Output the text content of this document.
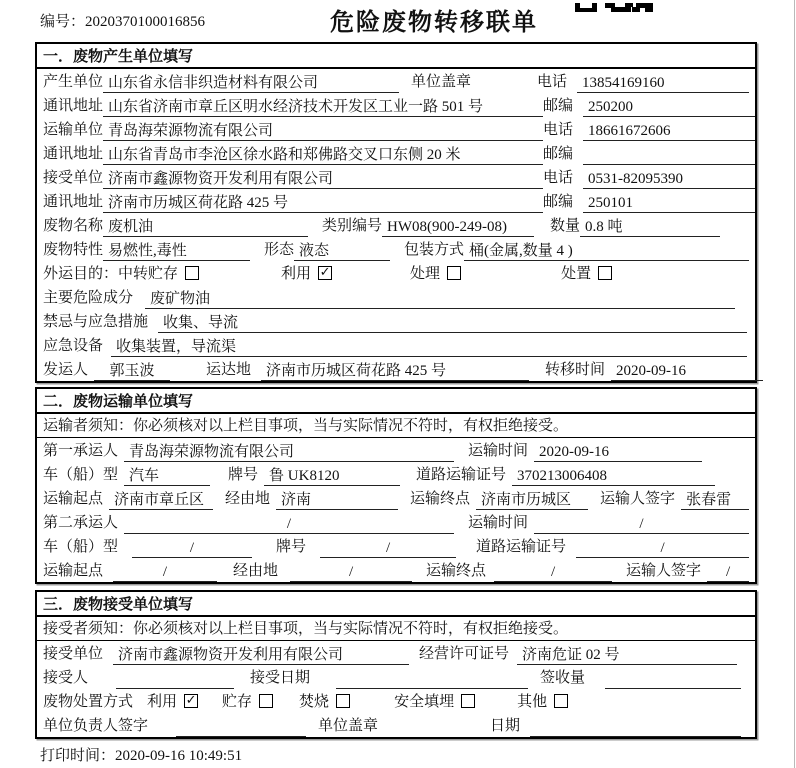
编号：2020370100016856	危险废物转移联单
一．废物产生单位填写
产生单位 山东省永信非织造材料有限公司	单位盖章	电话 13854169160
通讯地址 山东省济南市章丘区明水经济技术开发区工业一路 501 号	邮编 250200
运输单位 青岛海荣源物流有限公司	电话 18661672606
通讯地址 山东省青岛市李沧区徐水路和郑佛路交叉口东侧 20 米	邮编
接受单位 济南市鑫源物资开发利用有限公司	电话 0531-82095390
通讯地址 济南市历城区荷花路 425 号	邮编 250101
废物名称 废机油	类别编号 HW08(900-249-08)	数量 0.8 吨
废物特性 易燃性,毒性	形态 液态	包装方式 桶(金属,数量 4 )
外运目的： 中转贮存	利用 ✓	处理	处置
主要危险成分	废矿物油
禁忌与应急措施	收集、导流
应急设备 收集装置，导流渠
发运人	郭玉波	运达地	济南市历城区荷花路 425 号	转移时间 2020-09-16
二．废物运输单位填写
运输者须知：你必须核对以上栏目事项，当与实际情况不符时，有权拒绝接受。
第一承运人 青岛海荣源物流有限公司	运输时间 2020-09-16
车（船）型 汽车	牌号 鲁 UK8120	道路运输证号 370213006408
运输起点 济南市章丘区	经由地 济南	运输终点 济南市历城区	运输人签字 张春雷
第二承运人	/	运输时间	/
车（船）型	/	牌号	/	道路运输证号	/
运输起点	/	经由地	/	运输终点	/	运输人签字	/
三．废物接受单位填写
接受者须知：你必须核对以上栏目事项，当与实际情况不符时，有权拒绝接受。
接受单位	济南市鑫源物资开发利用有限公司	经营许可证号 济南危证 02 号
接受人	接受日期	签收量
废物处置方式 利用 ✓ 贮存	焚烧	安全填埋	其他
单位负责人签字	单位盖章	日期
打印时间：2020-09-16 10:49:51
